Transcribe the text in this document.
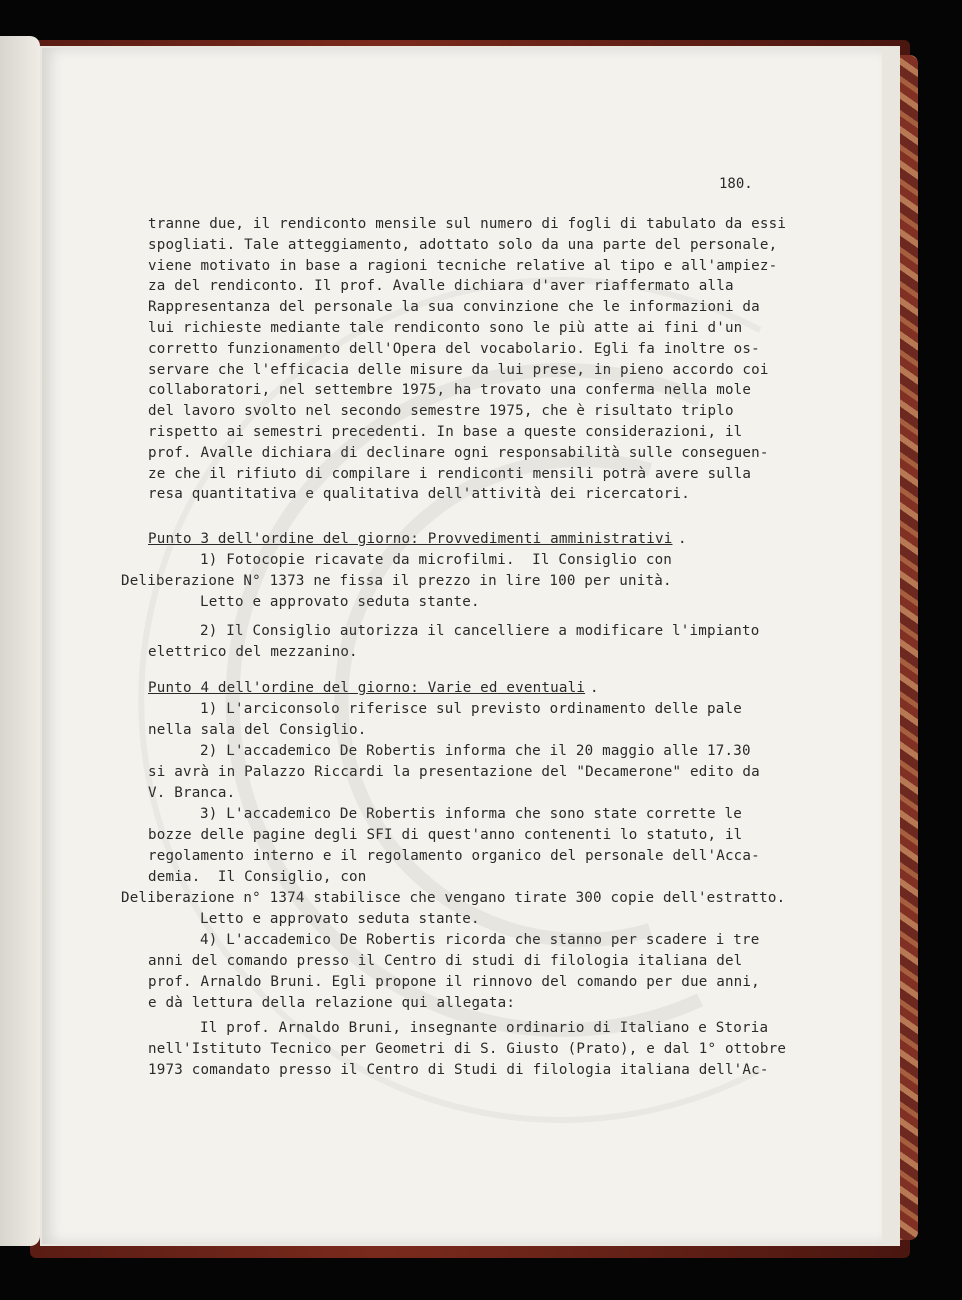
180.
tranne due, il rendiconto mensile sul numero di fogli di tabulato da essi
spogliati. Tale atteggiamento, adottato solo da una parte del personale,
viene motivato in base a ragioni tecniche relative al tipo e all'ampiez-
za del rendiconto. Il prof. Avalle dichiara d'aver riaffermato alla
Rappresentanza del personale la sua convinzione che le informazioni da
lui richieste mediante tale rendiconto sono le più atte ai fini d'un
corretto funzionamento dell'Opera del vocabolario. Egli fa inoltre os-
servare che l'efficacia delle misure da lui prese, in pieno accordo coi
collaboratori, nel settembre 1975, ha trovato una conferma nella mole
del lavoro svolto nel secondo semestre 1975, che è risultato triplo
rispetto ai semestri precedenti. In base a queste considerazioni, il
prof. Avalle dichiara di declinare ogni responsabilità sulle conseguen-
ze che il rifiuto di compilare i rendiconti mensili potrà avere sulla
resa quantitativa e qualitativa dell'attività dei ricercatori.
Punto 3 dell'ordine del giorno: Provvedimenti amministrativi .
1) Fotocopie ricavate da microfilmi.  Il Consiglio con
Deliberazione N° 1373 ne fissa il prezzo in lire 100 per unità.
Letto e approvato seduta stante.
2) Il Consiglio autorizza il cancelliere a modificare l'impianto
elettrico del mezzanino.
Punto 4 dell'ordine del giorno: Varie ed eventuali .
1) L'arciconsolo riferisce sul previsto ordinamento delle pale
nella sala del Consiglio.
2) L'accademico De Robertis informa che il 20 maggio alle 17.30
si avrà in Palazzo Riccardi la presentazione del "Decamerone" edito da
V. Branca.
3) L'accademico De Robertis informa che sono state corrette le
bozze delle pagine degli SFI di quest'anno contenenti lo statuto, il
regolamento interno e il regolamento organico del personale dell'Acca-
demia.  Il Consiglio, con
Deliberazione n° 1374 stabilisce che vengano tirate 300 copie dell'estratto.
Letto e approvato seduta stante.
4) L'accademico De Robertis ricorda che stanno per scadere i tre
anni del comando presso il Centro di studi di filologia italiana del
prof. Arnaldo Bruni. Egli propone il rinnovo del comando per due anni,
e dà lettura della relazione qui allegata:
Il prof. Arnaldo Bruni, insegnante ordinario di Italiano e Storia
nell'Istituto Tecnico per Geometri di S. Giusto (Prato), e dal 1° ottobre
1973 comandato presso il Centro di Studi di filologia italiana dell'Ac-
